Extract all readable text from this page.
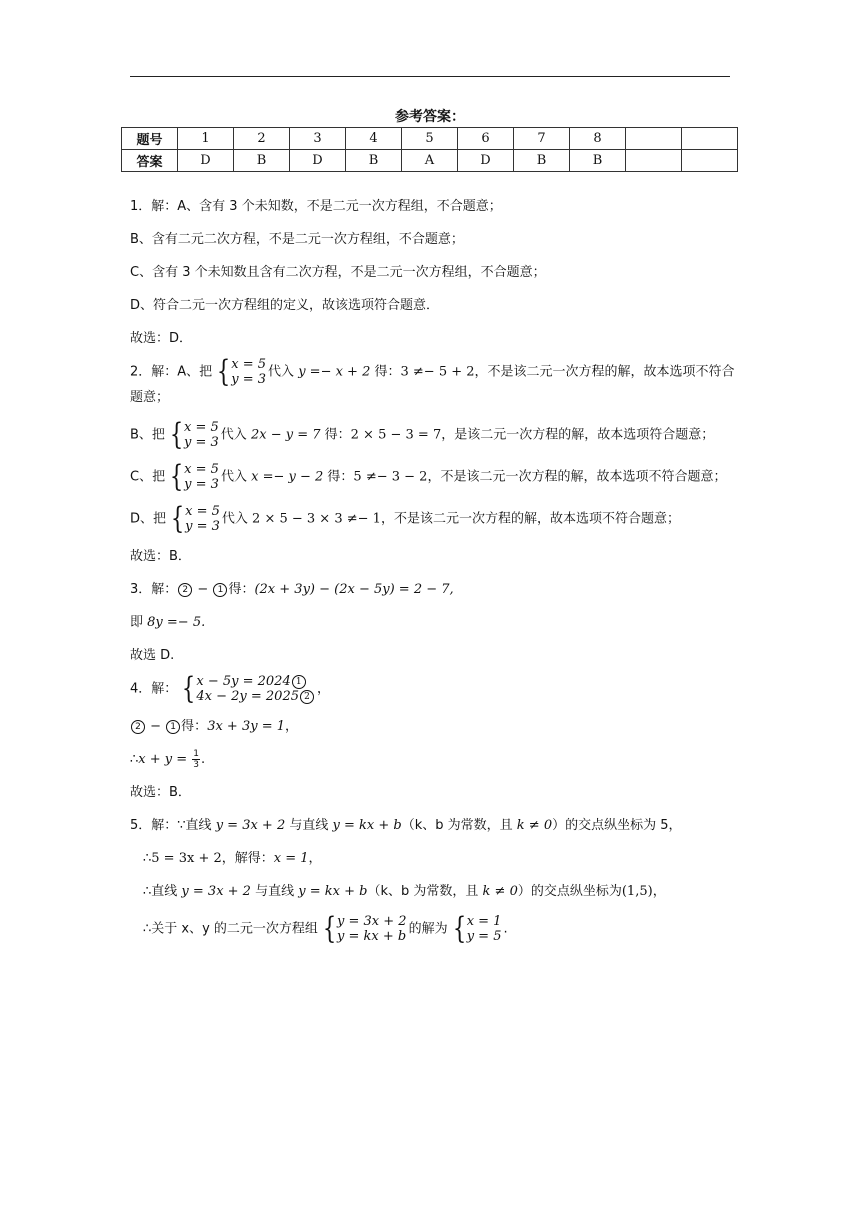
参考答案：
题号	1	2	3	4	5	6	7	8		
答案	D	B	D	B	A	D	B	B		
1．解：A、含有 3 个未知数，不是二元一次方程组，不合题意；
B、含有二元二次方程，不是二元一次方程组，不合题意；
C、含有 3 个未知数且含有二次方程，不是二元一次方程组，不合题意；
D、符合二元一次方程组的定义，故该选项符合题意．
故选：D．
2．解：A、把 { x = 5
y = 3 代入 y =− x + 2 得：3 ≠− 5 + 2，不是该二元一次方程的解，故本选项不符合题意；
B、把 { x = 5
y = 3 代入 2x − y = 7 得：2 × 5 − 3 = 7，是该二元一次方程的解，故本选项符合题意；
C、把 { x = 5
y = 3 代入 x =− y − 2 得：5 ≠− 3 − 2，不是该二元一次方程的解，故本选项不符合题意；
D、把 { x = 5
y = 3 代入 2 × 5 − 3 × 3 ≠− 1，不是该二元一次方程的解，故本选项不符合题意；
故选：B．
3．解： 2 − 1 得：(2x + 3y) − (2x − 5y) = 2 − 7,
即 8y =− 5.
故选 D.
4．解： { x − 5y = 2024 1
4x − 2y = 2025 2 ，
2 − 1 得：3x + 3y = 1，
∴x + $y = \frac{1}{3}$ .
故选：B．
5．解：∵直线 y = 3x + 2 与直线 y = kx + b（k、b 为常数，且 k ≠ 0）的交点纵坐标为 5，
∴5 = 3x + 2，解得：x = 1，
∴直线 y = 3x + 2 与直线 y = kx + b（k、b 为常数，且 k ≠ 0）的交点纵坐标为(1,5)，
∴关于 x、y 的二元一次方程组 { y = 3x + 2
y = kx + b 的解为 { x = 1
y = 5 .
